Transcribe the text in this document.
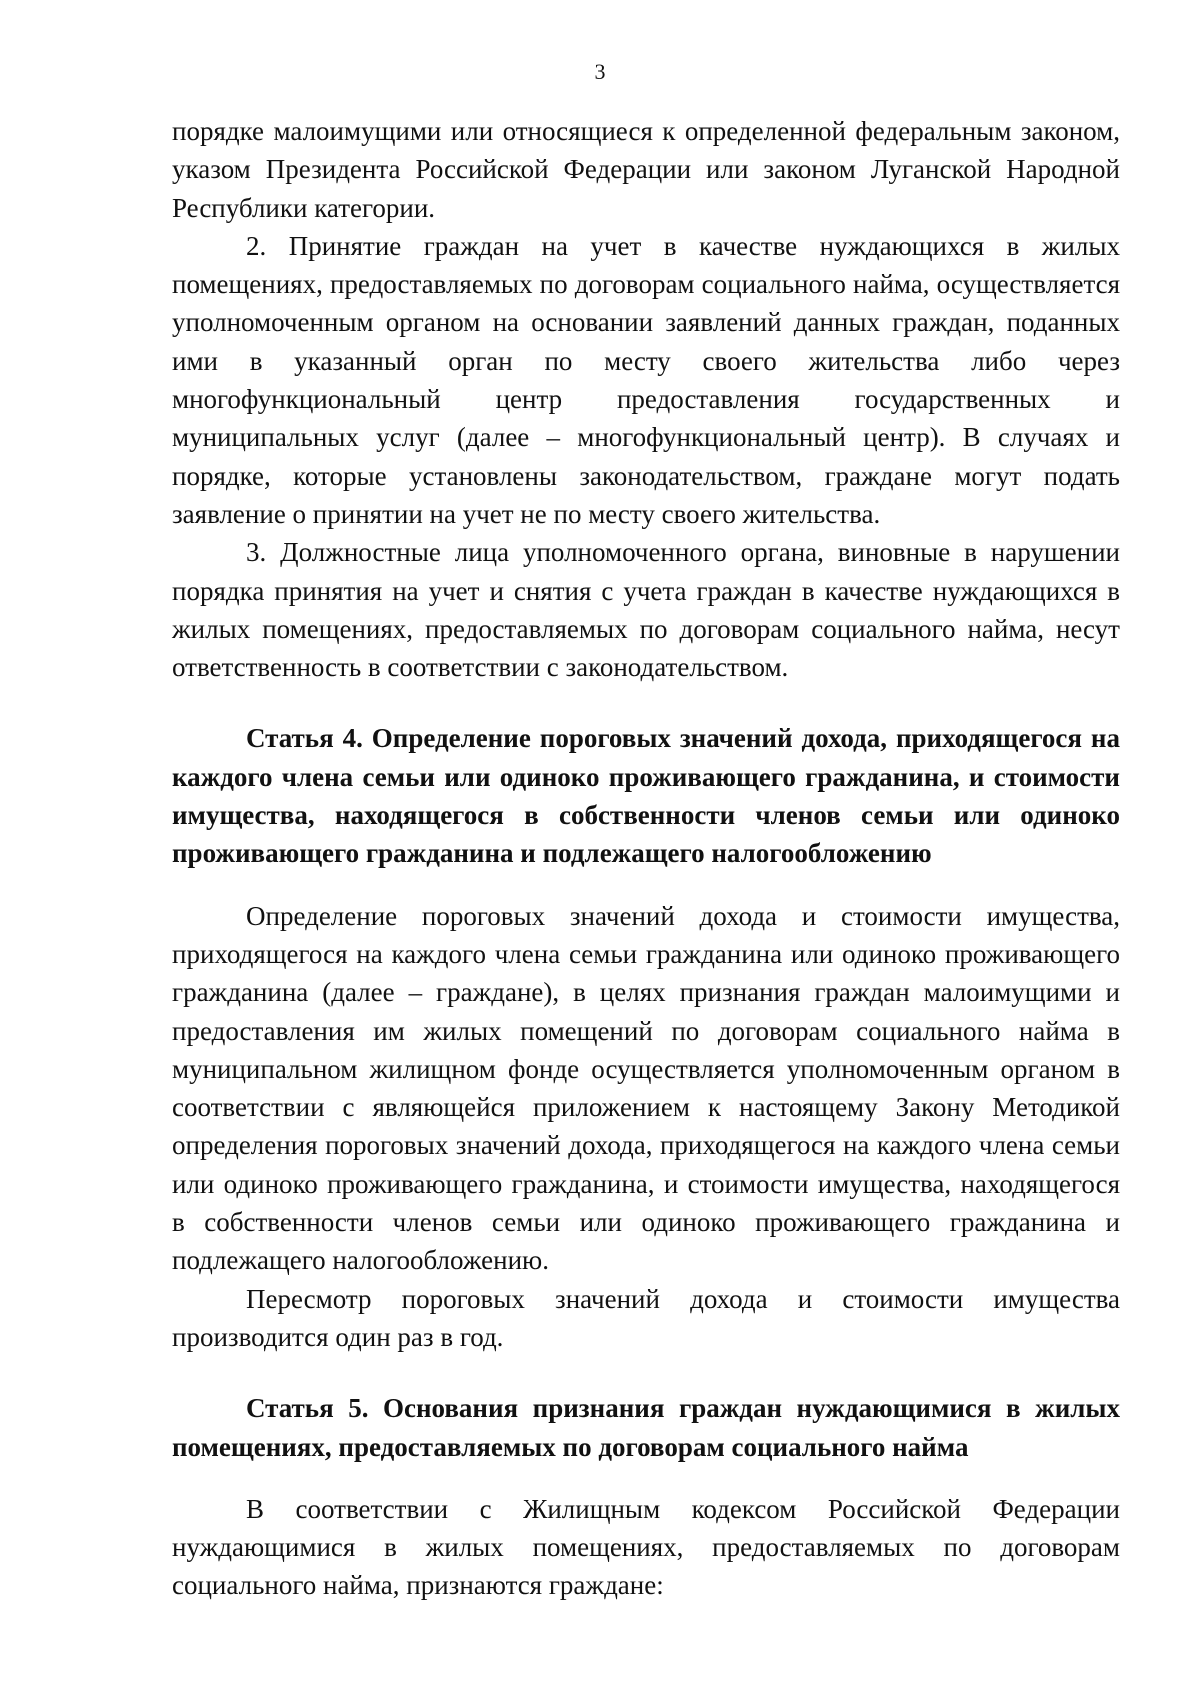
3

порядке малоимущими или относящиеся к определенной федеральным законом, указом Президента Российской Федерации или законом Луганской Народной Республики категории.

2. Принятие граждан на учет в качестве нуждающихся в жилых помещениях, предоставляемых по договорам социального найма, осуществляется уполномоченным органом на основании заявлений данных граждан, поданных ими в указанный орган по месту своего жительства либо через многофункциональный центр предоставления государственных и муниципальных услуг (далее – многофункциональный центр). В случаях и порядке, которые установлены законодательством, граждане могут подать заявление о принятии на учет не по месту своего жительства.

3. Должностные лица уполномоченного органа, виновные в нарушении порядка принятия на учет и снятия с учета граждан в качестве нуждающихся в жилых помещениях, предоставляемых по договорам социального найма, несут ответственность в соответствии с законодательством.

Статья 4. Определение пороговых значений дохода, приходящегося на каждого члена семьи или одиноко проживающего гражданина, и стоимости имущества, находящегося в собственности членов семьи или одиноко проживающего гражданина и подлежащего налогообложению

Определение пороговых значений дохода и стоимости имущества, приходящегося на каждого члена семьи гражданина или одиноко проживающего гражданина (далее – граждане), в целях признания граждан малоимущими и предоставления им жилых помещений по договорам социального найма в муниципальном жилищном фонде осуществляется уполномоченным органом в соответствии с являющейся приложением к настоящему Закону Методикой определения пороговых значений дохода, приходящегося на каждого члена семьи или одиноко проживающего гражданина, и стоимости имущества, находящегося в собственности членов семьи или одиноко проживающего гражданина и подлежащего налогообложению.

Пересмотр пороговых значений дохода и стоимости имущества производится один раз в год.

Статья 5. Основания признания граждан нуждающимися в жилых помещениях, предоставляемых по договорам социального найма

В соответствии с Жилищным кодексом Российской Федерации нуждающимися в жилых помещениях, предоставляемых по договорам социального найма, признаются граждане:
